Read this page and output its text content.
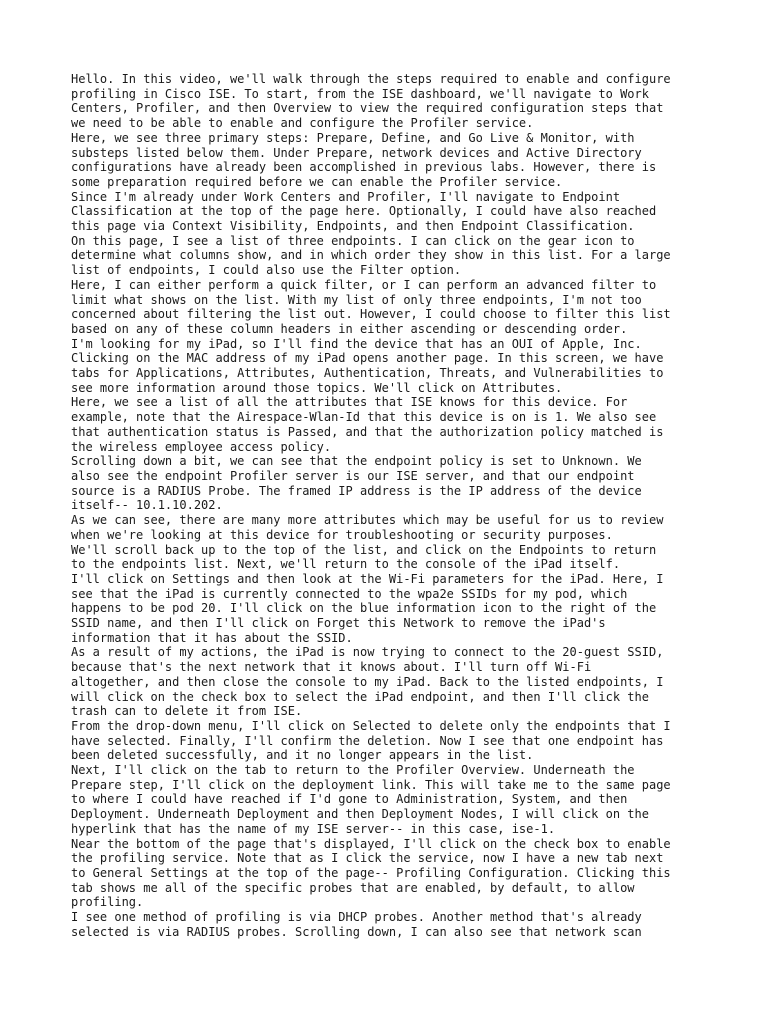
Hello. In this video, we'll walk through the steps required to enable and configure
profiling in Cisco ISE. To start, from the ISE dashboard, we'll navigate to Work
Centers, Profiler, and then Overview to view the required configuration steps that
we need to be able to enable and configure the Profiler service.
Here, we see three primary steps: Prepare, Define, and Go Live & Monitor, with
substeps listed below them. Under Prepare, network devices and Active Directory
configurations have already been accomplished in previous labs. However, there is
some preparation required before we can enable the Profiler service.
Since I'm already under Work Centers and Profiler, I'll navigate to Endpoint
Classification at the top of the page here. Optionally, I could have also reached
this page via Context Visibility, Endpoints, and then Endpoint Classification.
On this page, I see a list of three endpoints. I can click on the gear icon to
determine what columns show, and in which order they show in this list. For a large
list of endpoints, I could also use the Filter option.
Here, I can either perform a quick filter, or I can perform an advanced filter to
limit what shows on the list. With my list of only three endpoints, I'm not too
concerned about filtering the list out. However, I could choose to filter this list
based on any of these column headers in either ascending or descending order.
I'm looking for my iPad, so I'll find the device that has an OUI of Apple, Inc.
Clicking on the MAC address of my iPad opens another page. In this screen, we have
tabs for Applications, Attributes, Authentication, Threats, and Vulnerabilities to
see more information around those topics. We'll click on Attributes.
Here, we see a list of all the attributes that ISE knows for this device. For
example, note that the Airespace-Wlan-Id that this device is on is 1. We also see
that authentication status is Passed, and that the authorization policy matched is
the wireless employee access policy.
Scrolling down a bit, we can see that the endpoint policy is set to Unknown. We
also see the endpoint Profiler server is our ISE server, and that our endpoint
source is a RADIUS Probe. The framed IP address is the IP address of the device
itself-- 10.1.10.202.
As we can see, there are many more attributes which may be useful for us to review
when we're looking at this device for troubleshooting or security purposes.
We'll scroll back up to the top of the list, and click on the Endpoints to return
to the endpoints list. Next, we'll return to the console of the iPad itself.
I'll click on Settings and then look at the Wi-Fi parameters for the iPad. Here, I
see that the iPad is currently connected to the wpa2e SSIDs for my pod, which
happens to be pod 20. I'll click on the blue information icon to the right of the
SSID name, and then I'll click on Forget this Network to remove the iPad's
information that it has about the SSID.
As a result of my actions, the iPad is now trying to connect to the 20-guest SSID,
because that's the next network that it knows about. I'll turn off Wi-Fi
altogether, and then close the console to my iPad. Back to the listed endpoints, I
will click on the check box to select the iPad endpoint, and then I'll click the
trash can to delete it from ISE.
From the drop-down menu, I'll click on Selected to delete only the endpoints that I
have selected. Finally, I'll confirm the deletion. Now I see that one endpoint has
been deleted successfully, and it no longer appears in the list.
Next, I'll click on the tab to return to the Profiler Overview. Underneath the
Prepare step, I'll click on the deployment link. This will take me to the same page
to where I could have reached if I'd gone to Administration, System, and then
Deployment. Underneath Deployment and then Deployment Nodes, I will click on the
hyperlink that has the name of my ISE server-- in this case, ise-1.
Near the bottom of the page that's displayed, I'll click on the check box to enable
the profiling service. Note that as I click the service, now I have a new tab next
to General Settings at the top of the page-- Profiling Configuration. Clicking this
tab shows me all of the specific probes that are enabled, by default, to allow
profiling.
I see one method of profiling is via DHCP probes. Another method that's already
selected is via RADIUS probes. Scrolling down, I can also see that network scan
